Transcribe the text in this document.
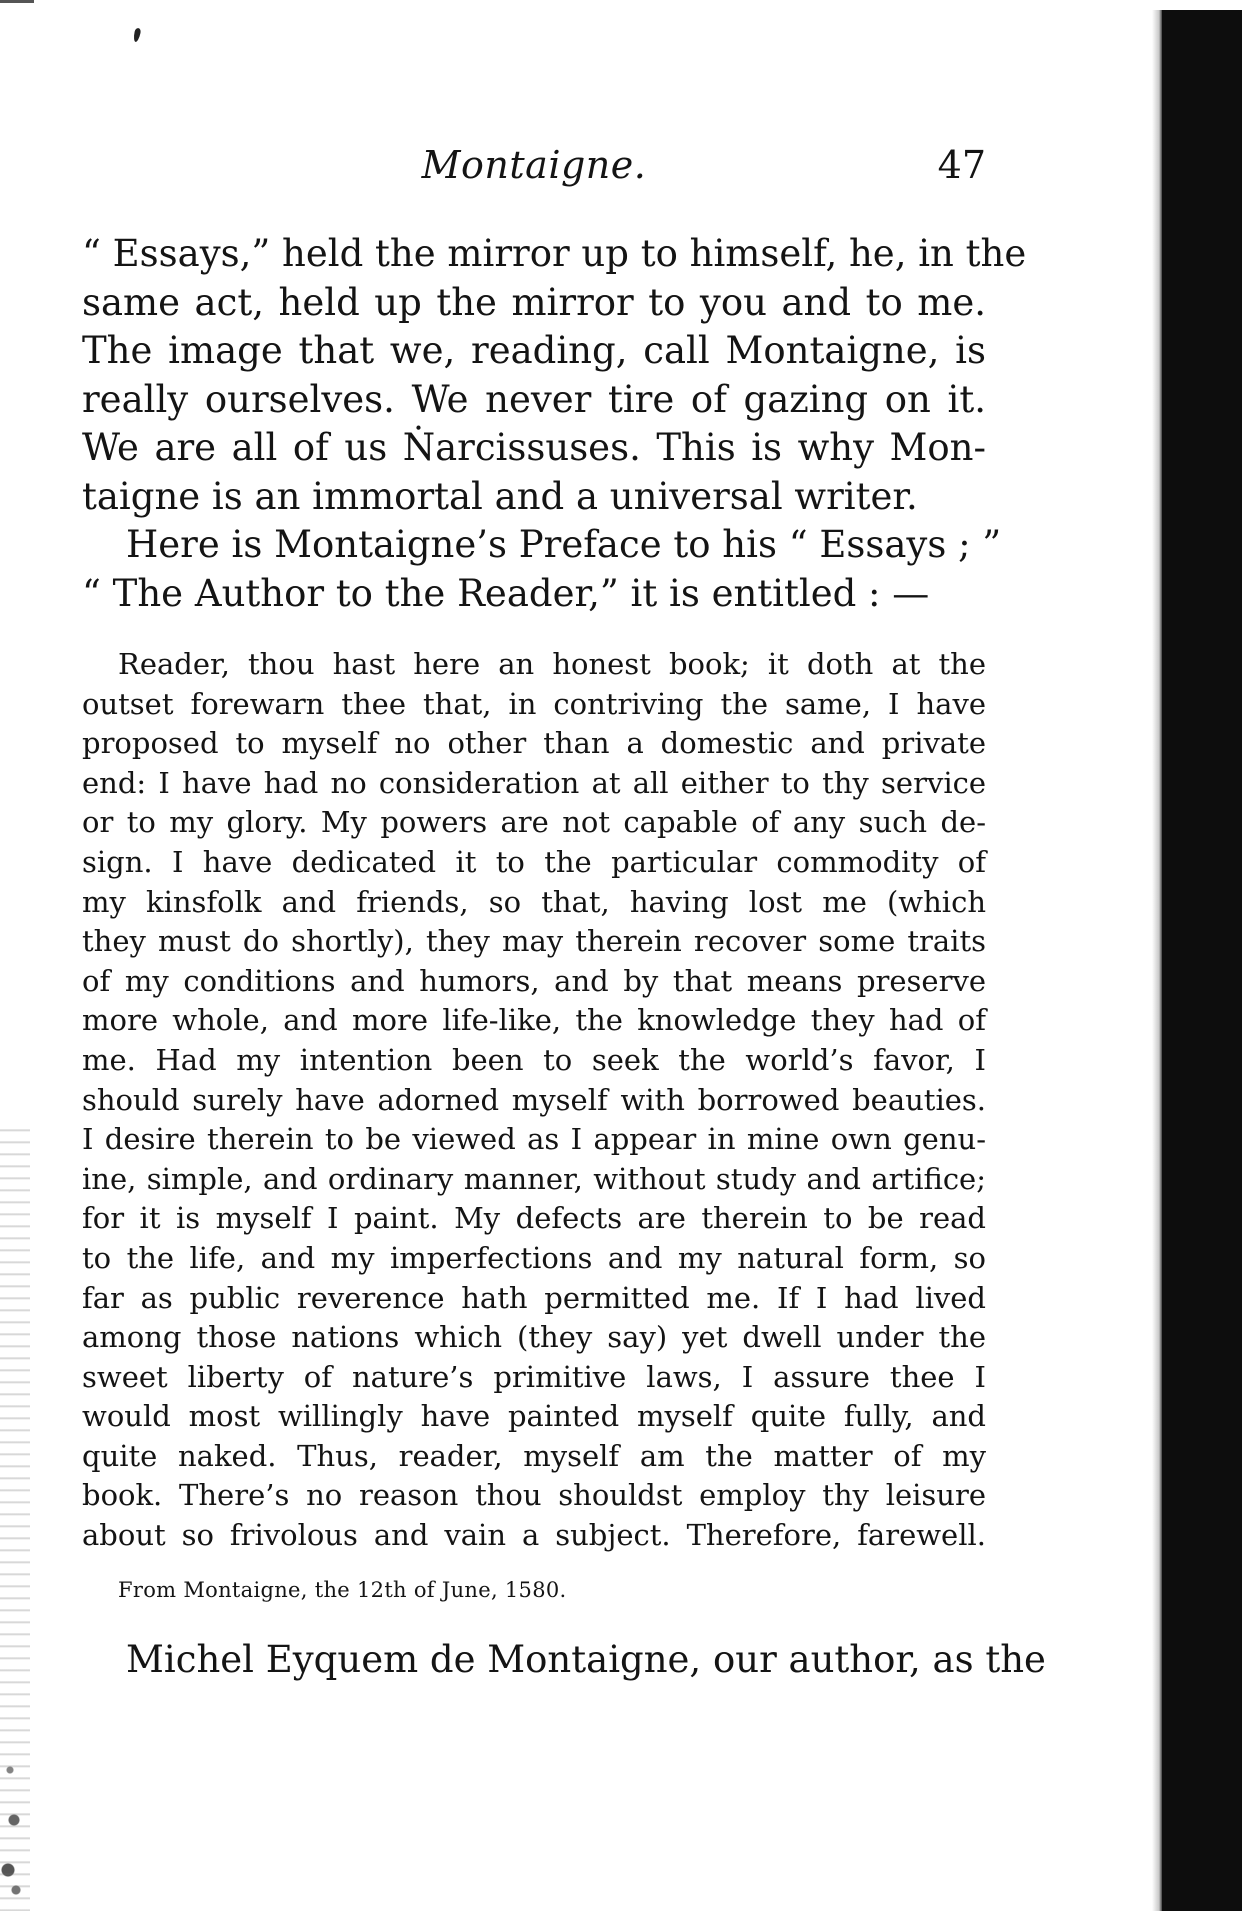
Montaigne.	47
“ Essays,” held the mirror up to himself, he, in the
same act, held up the mirror to you and to me.
The image that we, reading, call Montaigne, is
really ourselves. We never tire of gazing on it.
We are all of us Ṅarcissuses. This is why Mon-
taigne is an immortal and a universal writer.
Here is Montaigne’s Preface to his “ Essays ; ”
“ The Author to the Reader,” it is entitled : —
Reader, thou hast here an honest book; it doth at the
outset forewarn thee that, in contriving the same, I have
proposed to myself no other than a domestic and private
end: I have had no consideration at all either to thy service
or to my glory. My powers are not capable of any such de-
sign. I have dedicated it to the particular commodity of
my kinsfolk and friends, so that, having lost me (which
they must do shortly), they may therein recover some traits
of my conditions and humors, and by that means preserve
more whole, and more life-like, the knowledge they had of
me. Had my intention been to seek the world’s favor, I
should surely have adorned myself with borrowed beauties.
I desire therein to be viewed as I appear in mine own genu-
ine, simple, and ordinary manner, without study and artifice;
for it is myself I paint. My defects are therein to be read
to the life, and my imperfections and my natural form, so
far as public reverence hath permitted me. If I had lived
among those nations which (they say) yet dwell under the
sweet liberty of nature’s primitive laws, I assure thee I
would most willingly have painted myself quite fully, and
quite naked. Thus, reader, myself am the matter of my
book. There’s no reason thou shouldst employ thy leisure
about so frivolous and vain a subject. Therefore, farewell.
From Montaigne, the 12th of June, 1580.
Michel Eyquem de Montaigne, our author, as the
